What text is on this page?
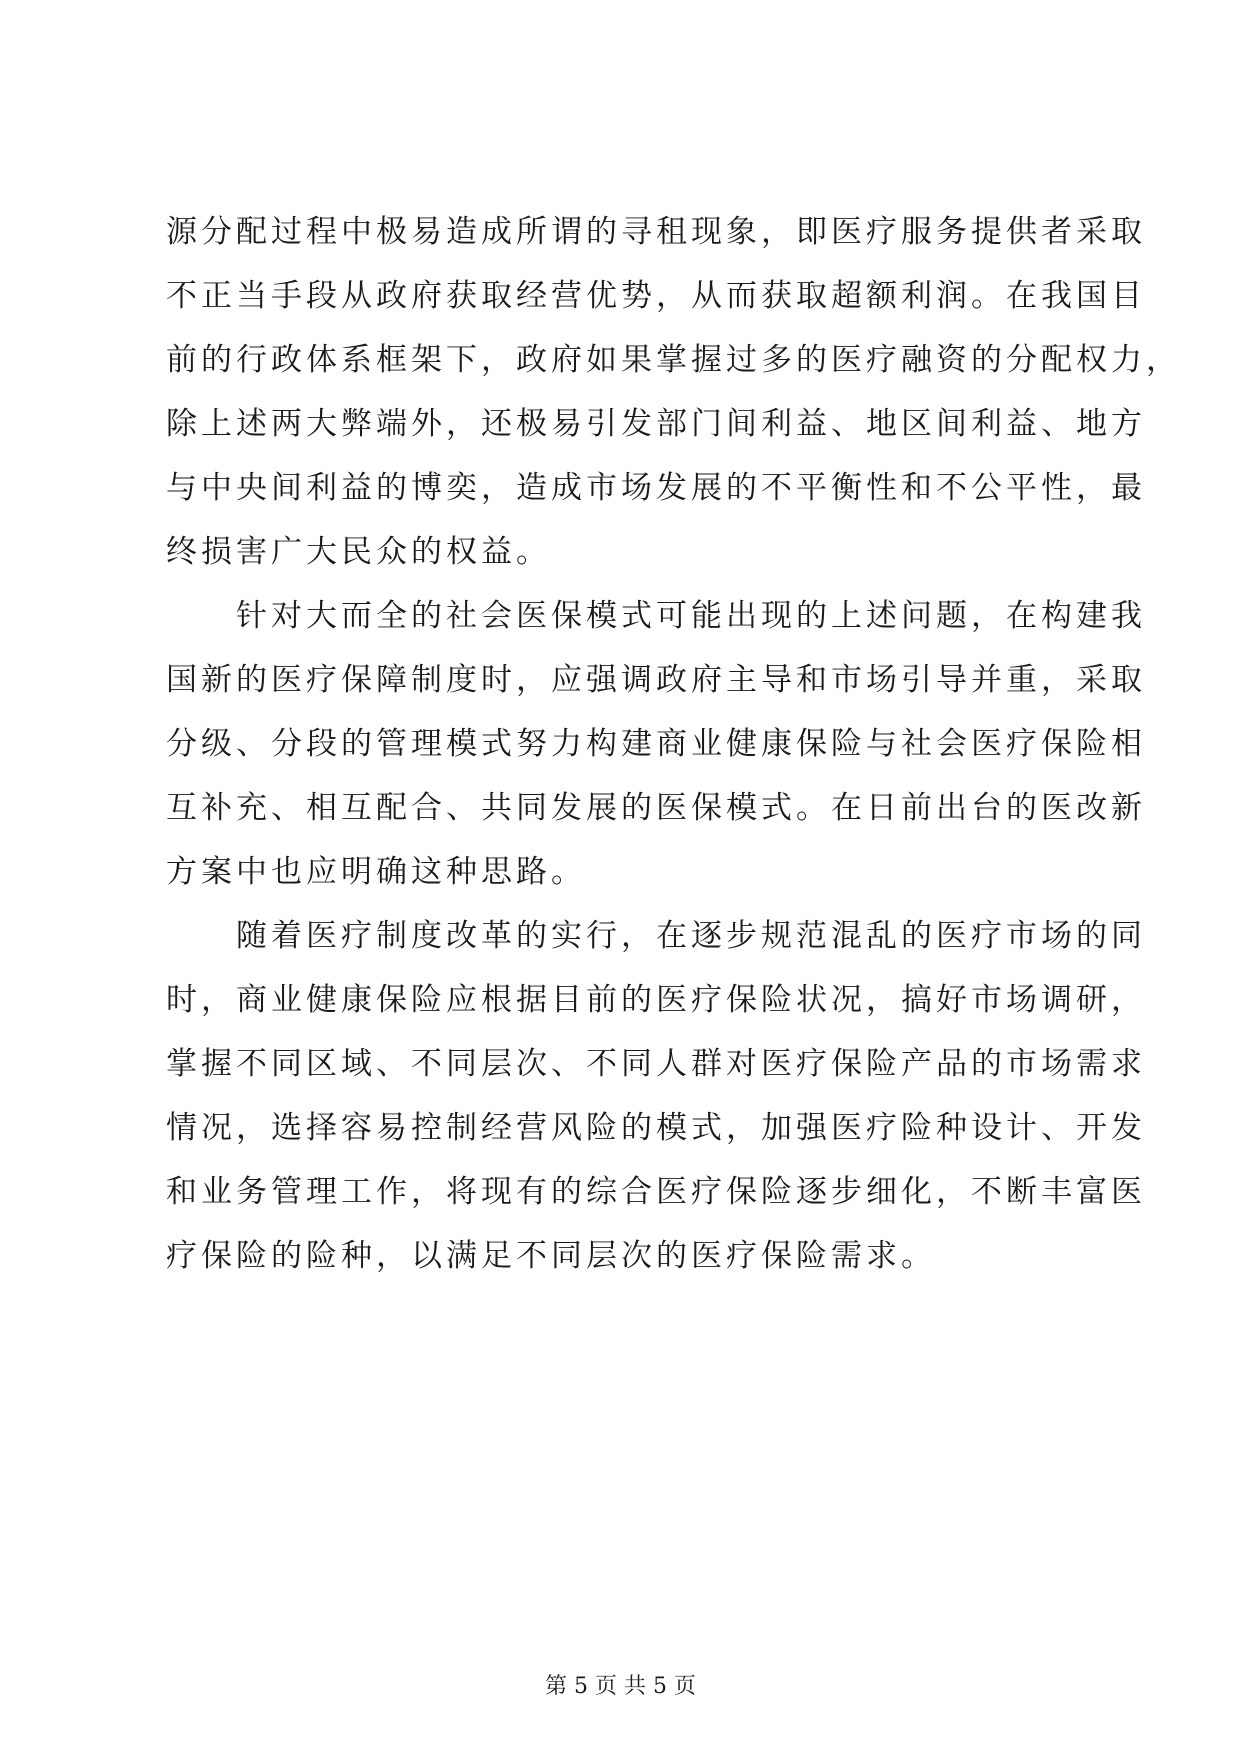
源分配过程中极易造成所谓的寻租现象，即医疗服务提供者采取
不正当手段从政府获取经营优势，从而获取超额利润。在我国目
前的行政体系框架下，政府如果掌握过多的医疗融资的分配权力，
除上述两大弊端外，还极易引发部门间利益、地区间利益、地方
与中央间利益的博奕，造成市场发展的不平衡性和不公平性，最
终损害广大民众的权益。
　　针对大而全的社会医保模式可能出现的上述问题，在构建我
国新的医疗保障制度时，应强调政府主导和市场引导并重，采取
分级、分段的管理模式努力构建商业健康保险与社会医疗保险相
互补充、相互配合、共同发展的医保模式。在日前出台的医改新
方案中也应明确这种思路。
　　随着医疗制度改革的实行，在逐步规范混乱的医疗市场的同
时，商业健康保险应根据目前的医疗保险状况，搞好市场调研，
掌握不同区域、不同层次、不同人群对医疗保险产品的市场需求
情况，选择容易控制经营风险的模式，加强医疗险种设计、开发
和业务管理工作，将现有的综合医疗保险逐步细化，不断丰富医
疗保险的险种，以满足不同层次的医疗保险需求。
第 5 页 共 5 页
